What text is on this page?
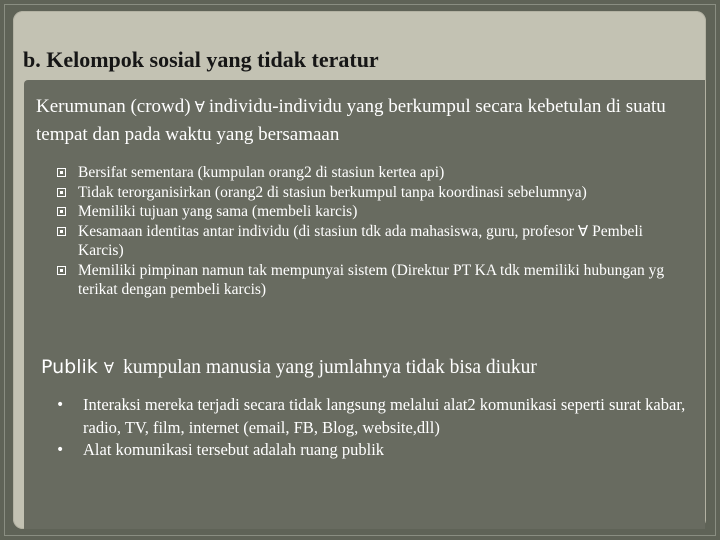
b. Kelompok sosial yang tidak teratur
Kerumunan (crowd) ∀ individu-individu yang berkumpul secara kebetulan di suatu tempat dan pada waktu yang bersamaan
Bersifat sementara (kumpulan orang2 di stasiun kertea api)
Tidak terorganisirkan (orang2 di stasiun berkumpul tanpa koordinasi sebelumnya)
Memiliki tujuan yang sama (membeli karcis)
Kesamaan identitas antar individu (di stasiun tdk ada mahasiswa, guru, profesor ∀ Pembeli Karcis)
Memiliki pimpinan namun tak mempunyai sistem (Direktur PT KA tdk memiliki hubungan yg terikat dengan pembeli karcis)
Publik ∀ kumpulan manusia yang jumlahnya tidak bisa diukur
• Interaksi mereka terjadi secara tidak langsung melalui alat2 komunikasi seperti surat kabar, radio, TV, film, internet (email, FB, Blog, website,dll)
• Alat komunikasi tersebut adalah ruang publik
